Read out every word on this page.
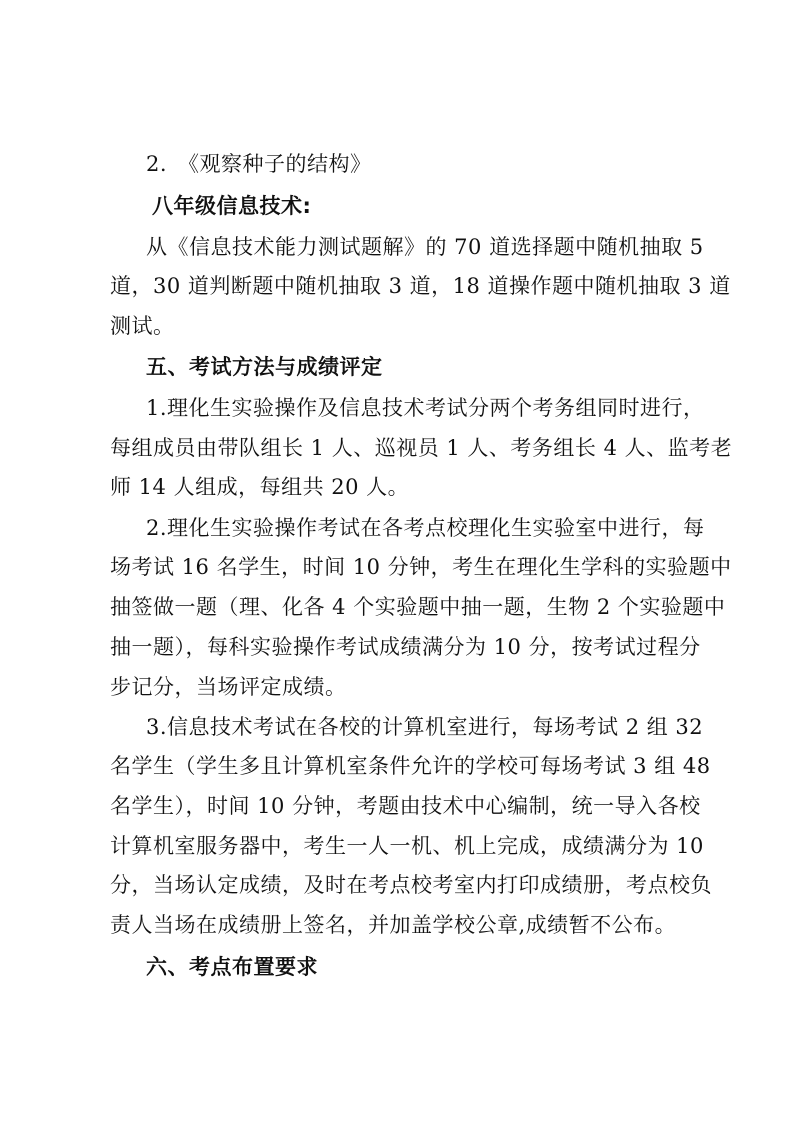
2.　《观察种子的结构》
八年级信息技术:
从《信息技术能力测试题解》的 70 道选择题中随机抽取 5
道，30 道判断题中随机抽取 3 道，18 道操作题中随机抽取 3 道
测试。
五、考试方法与成绩评定
1.理化生实验操作及信息技术考试分两个考务组同时进行，
每组成员由带队组长 1 人、巡视员 1 人、考务组长 4 人、监考老
师 14 人组成，每组共 20 人。
2.理化生实验操作考试在各考点校理化生实验室中进行，每
场考试 16 名学生，时间 10 分钟，考生在理化生学科的实验题中
抽签做一题（理、化各 4 个实验题中抽一题，生物 2 个实验题中
抽一题），每科实验操作考试成绩满分为 10 分，按考试过程分
步记分，当场评定成绩。
3.信息技术考试在各校的计算机室进行，每场考试 2 组 32
名学生（学生多且计算机室条件允许的学校可每场考试 3 组 48
名学生），时间 10 分钟，考题由技术中心编制，统一导入各校
计算机室服务器中，考生一人一机、机上完成，成绩满分为 10
分，当场认定成绩，及时在考点校考室内打印成绩册，考点校负
责人当场在成绩册上签名，并加盖学校公章,成绩暂不公布。
六、考点布置要求
